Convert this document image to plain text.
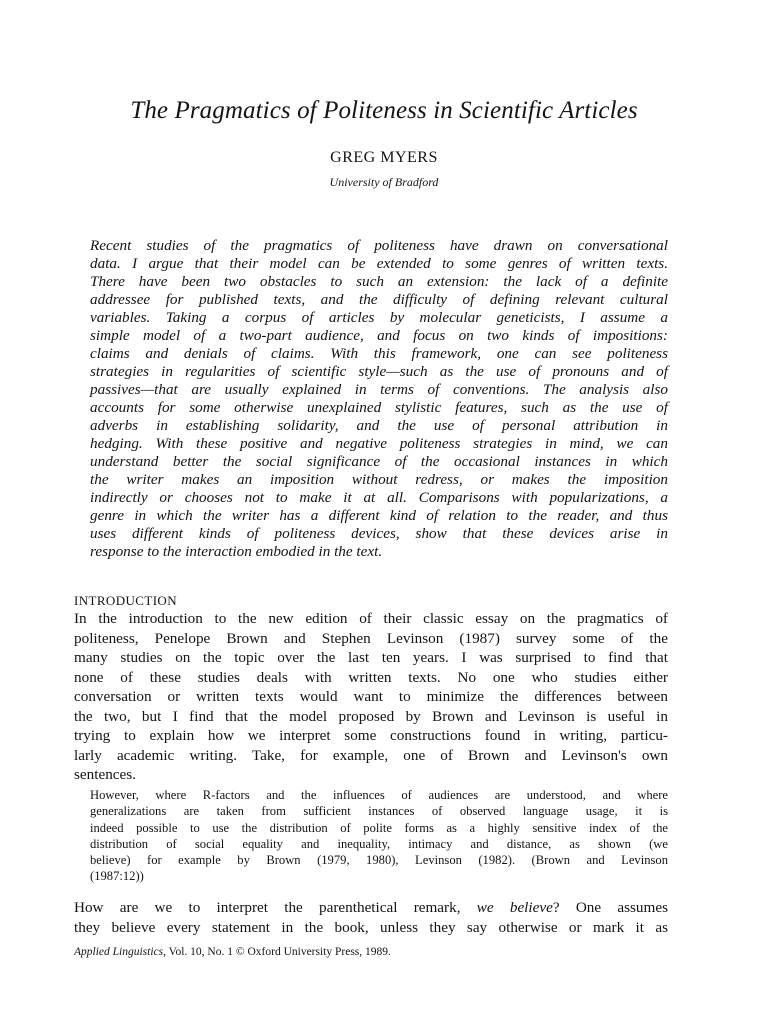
The Pragmatics of Politeness in Scientific Articles
GREG MYERS
University of Bradford
Recent studies of the pragmatics of politeness have drawn on conversational
data. I argue that their model can be extended to some genres of written texts.
There have been two obstacles to such an extension: the lack of a definite
addressee for published texts, and the difficulty of defining relevant cultural
variables. Taking a corpus of articles by molecular geneticists, I assume a
simple model of a two-part audience, and focus on two kinds of impositions:
claims and denials of claims. With this framework, one can see politeness
strategies in regularities of scientific style—such as the use of pronouns and of
passives—that are usually explained in terms of conventions. The analysis also
accounts for some otherwise unexplained stylistic features, such as the use of
adverbs in establishing solidarity, and the use of personal attribution in
hedging. With these positive and negative politeness strategies in mind, we can
understand better the social significance of the occasional instances in which
the writer makes an imposition without redress, or makes the imposition
indirectly or chooses not to make it at all. Comparisons with popularizations, a
genre in which the writer has a different kind of relation to the reader, and thus
uses different kinds of politeness devices, show that these devices arise in
response to the interaction embodied in the text.
INTRODUCTION
In the introduction to the new edition of their classic essay on the pragmatics of
politeness, Penelope Brown and Stephen Levinson (1987) survey some of the
many studies on the topic over the last ten years. I was surprised to find that
none of these studies deals with written texts. No one who studies either
conversation or written texts would want to minimize the differences between
the two, but I find that the model proposed by Brown and Levinson is useful in
trying to explain how we interpret some constructions found in writing, particu-
larly academic writing. Take, for example, one of Brown and Levinson's own
sentences.
However, where R-factors and the influences of audiences are understood, and where
generalizations are taken from sufficient instances of observed language usage, it is
indeed possible to use the distribution of polite forms as a highly sensitive index of the
distribution of social equality and inequality, intimacy and distance, as shown (we
believe) for example by Brown (1979, 1980), Levinson (1982). (Brown and Levinson
(1987:12))
How are we to interpret the parenthetical remark, we believe? One assumes
they believe every statement in the book, unless they say otherwise or mark it as
Applied Linguistics, Vol. 10, No. 1 © Oxford University Press, 1989.
